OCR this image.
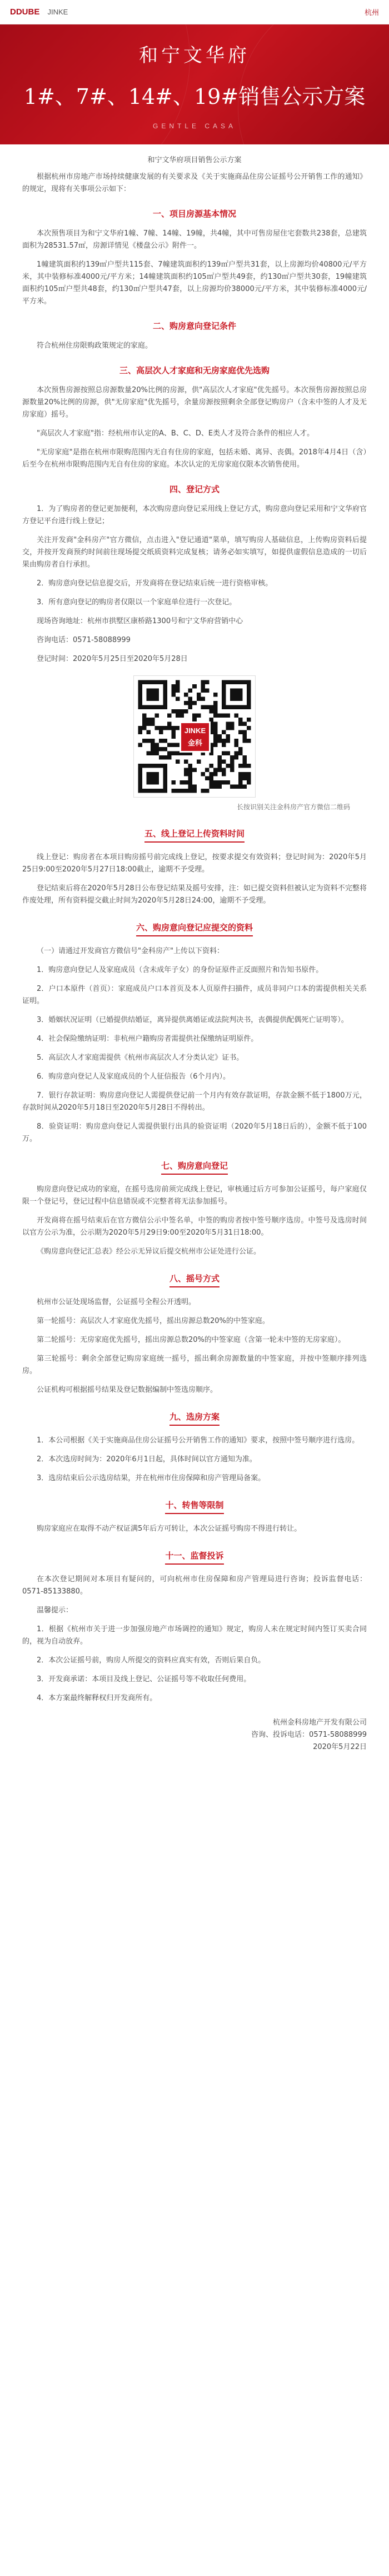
DDUBE JINKE	杭州
和宁文华府
1#、7#、14#、19#销售公示方案
GENTLE CASA
和宁文华府项目销售公示方案
根据杭州市房地产市场持续健康发展的有关要求及《关于实施商品住房公证摇号公开销售工作的通知》的规定，现将有关事项公示如下：
一、项目房源基本情况
本次预售项目为和宁文华府1幢、7幢、14幢、19幢，共4幢，其中可售房屋住宅套数共238套，总建筑面积为28531.57㎡，房源详情见《楼盘公示》附件一。
1幢建筑面积约139㎡户型共115套、7幢建筑面积约139㎡户型共31套，以上房源均价40800元/平方米，其中装修标准4000元/平方米；14幢建筑面积约105㎡户型共49套，约130㎡户型共30套，19幢建筑面积约105㎡户型共48套，约130㎡户型共47套，以上房源均价38000元/平方米，其中装修标准4000元/平方米。
二、购房意向登记条件
符合杭州住房限购政策规定的家庭。
三、高层次人才家庭和无房家庭优先选购
本次预售房源按照总房源数量20%比例的房源，供"高层次人才家庭"优先摇号。本次预售房源按照总房源数量20%比例的房源，供"无房家庭"优先摇号，余量房源按照剩余全部登记购房户（含未中签的人才及无房家庭）摇号。
"高层次人才家庭"指：经杭州市认定的A、B、C、D、E类人才及符合条件的相应人才。
"无房家庭"是指在杭州市限购范围内无自有住房的家庭，包括未婚、离异、丧偶。2018年4月4日（含）后至今在杭州市限购范围内无自有住房的家庭。本次认定的无房家庭仅限本次销售使用。
四、登记方式
1．为了购房者的登记更加便利，本次购房意向登记采用线上登记方式，购房意向登记采用和宁文华府官方登记平台进行线上登记；
关注开发商"金科房产"官方微信，点击进入"登记通道"菜单，填写购房人基础信息，上传购房资料后提交，并按开发商预约时间前往现场提交纸质资料完成复核；请务必如实填写，如提供虚假信息造成的一切后果由购房者自行承担。
2．购房意向登记信息提交后，开发商将在登记结束后统一进行资格审核。
3．所有意向登记的购房者仅限以一个家庭单位进行一次登记。
现场咨询地址：杭州市拱墅区康桥路1300号和宁文华府营销中心
咨询电话：0571-58088999
登记时间：2020年5月25日至2020年5月28日
JINKE金科
长按识别关注金科房产官方微信二维码
五、线上登记上传资料时间
线上登记：购房者在本项目购房摇号前完成线上登记，按要求提交有效资料；登记时间为：2020年5月25日9:00至2020年5月27日18:00截止，逾期不予受理。
登记结束后将在2020年5月28日公布登记结果及摇号安排，注：如已提交资料但被认定为资料不完整将作废处理，所有资料提交截止时间为2020年5月28日24:00，逾期不予受理。
六、购房意向登记应提交的资料
（一）请通过开发商官方微信号"金科房产"上传以下资料：
1．购房意向登记人及家庭成员（含未成年子女）的身份证原件正反面照片和告知书原件。
2．户口本原件（首页）：家庭成员户口本首页及本人页原件扫描件，成员非同户口本的需提供相关关系证明。
3．婚姻状况证明（已婚提供结婚证，离异提供离婚证或法院判决书，丧偶提供配偶死亡证明等）。
4．社会保险缴纳证明：非杭州户籍购房者需提供社保缴纳证明原件。
5．高层次人才家庭需提供《杭州市高层次人才分类认定》证书。
6．购房意向登记人及家庭成员的个人征信报告（6个月内）。
7．银行存款证明：购房意向登记人需提供登记前一个月内有效存款证明，存款金额不低于1800万元，存款时间从2020年5月18日至2020年5月28日不得转出。
8．验资证明：购房意向登记人需提供银行出具的验资证明（2020年5月18日后的），金额不低于100万。
七、购房意向登记
购房意向登记成功的家庭，在摇号选房前须完成线上登记，审核通过后方可参加公证摇号，每户家庭仅限一个登记号，登记过程中信息错误或不完整者将无法参加摇号。
开发商将在摇号结束后在官方微信公示中签名单，中签的购房者按中签号顺序选房。中签号及选房时间以官方公示为准，公示期为2020年5月29日9:00至2020年5月31日18:00。
《购房意向登记汇总表》经公示无异议后提交杭州市公证处进行公证。
八、摇号方式
杭州市公证处现场监督，公证摇号全程公开透明。
第一轮摇号：高层次人才家庭优先摇号，摇出房源总数20%的中签家庭。
第二轮摇号：无房家庭优先摇号，摇出房源总数20%的中签家庭（含第一轮未中签的无房家庭）。
第三轮摇号：剩余全部登记购房家庭统一摇号，摇出剩余房源数量的中签家庭，并按中签顺序排列选房。
公证机构可根据摇号结果及登记数据编制中签选房顺序。
九、选房方案
1．本公司根据《关于实施商品住房公证摇号公开销售工作的通知》要求，按照中签号顺序进行选房。
2．本次选房时间为：2020年6月1日起，具体时间以官方通知为准。
3．选房结束后公示选房结果，并在杭州市住房保障和房产管理局备案。
十、转售等限制
购房家庭应在取得不动产权证满5年后方可转让，本次公证摇号购房不得进行转让。
十一、监督投诉
在本次登记期间对本项目有疑问的，可向杭州市住房保障和房产管理局进行咨询；投诉监督电话：0571-85133880。
温馨提示：
1．根据《杭州市关于进一步加强房地产市场调控的通知》规定，购房人未在规定时间内签订买卖合同的，视为自动放弃。
2．本次公证摇号前，购房人所提交的资料应真实有效，否则后果自负。
3．开发商承诺：本项目及线上登记、公证摇号等不收取任何费用。
4．本方案最终解释权归开发商所有。
杭州金科房地产开发有限公司
咨询、投诉电话：0571-58088999
2020年5月22日
